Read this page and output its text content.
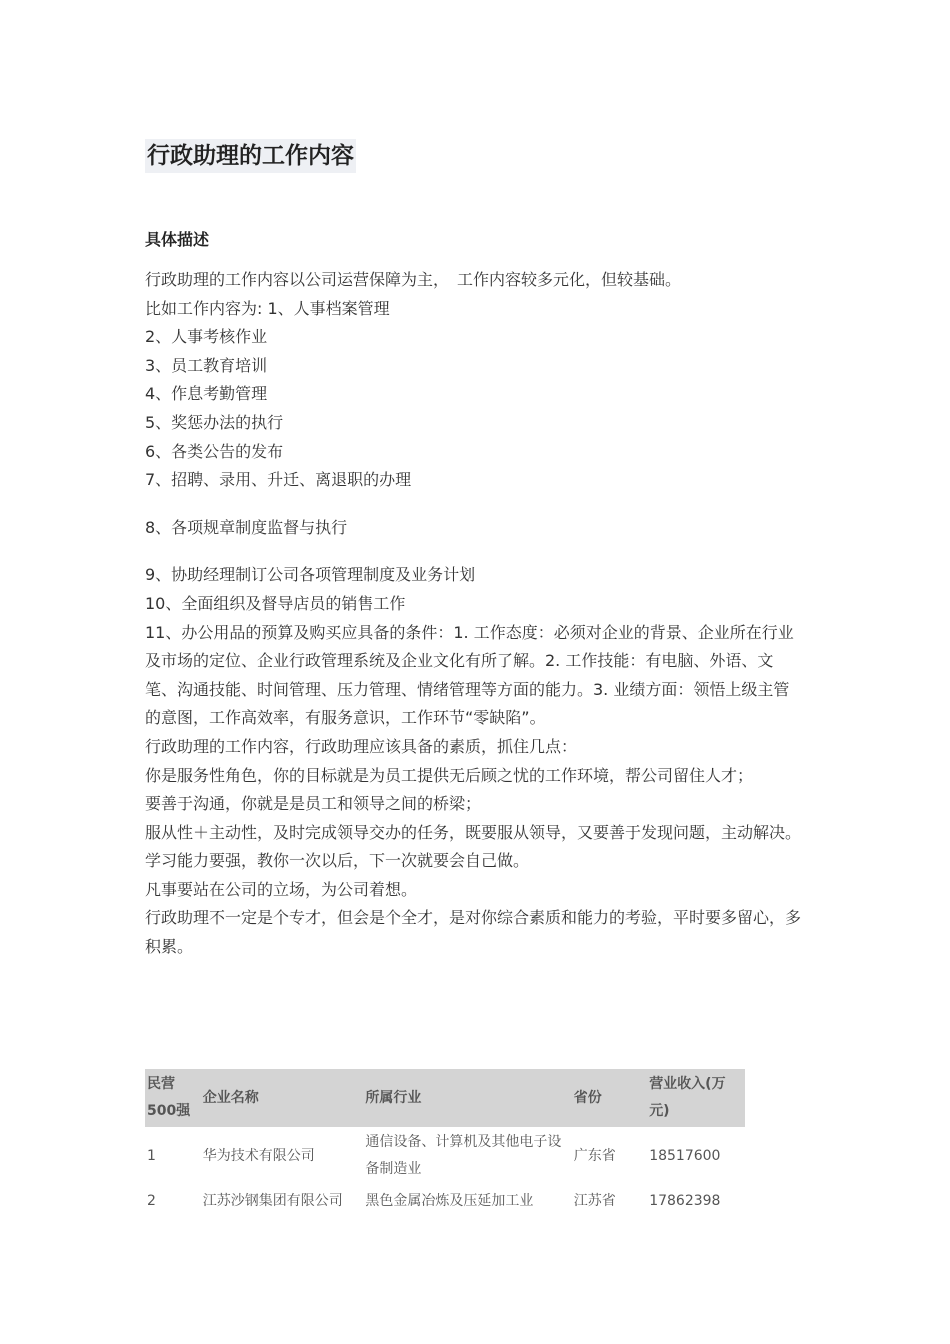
行政助理的工作内容
具体描述

行政助理的工作内容以公司运营保障为主，　工作内容较多元化，但较基础。

比如工作内容为: 1、人事档案管理

2、人事考核作业

3、员工教育培训

4、作息考勤管理

5、奖惩办法的执行

6、各类公告的发布

7、招聘、录用、升迁、离退职的办理

8、各项规章制度监督与执行

9、协助经理制订公司各项管理制度及业务计划

10、全面组织及督导店员的销售工作

11、办公用品的预算及购买应具备的条件：1. 工作态度：必须对企业的背景、企业所在行业及市场的定位、企业行政管理系统及企业文化有所了解。2. 工作技能：有电脑、外语、文笔、沟通技能、时间管理、压力管理、情绪管理等方面的能力。3. 业绩方面：领悟上级主管的意图，工作高效率，有服务意识，工作环节“零缺陷”。

行政助理的工作内容，行政助理应该具备的素质，抓住几点：

你是服务性角色，你的目标就是为员工提供无后顾之忧的工作环境，帮公司留住人才；

要善于沟通，你就是是员工和领导之间的桥梁；

服从性＋主动性，及时完成领导交办的任务，既要服从领导，又要善于发现问题，主动解决。

学习能力要强，教你一次以后，下一次就要会自己做。

凡事要站在公司的立场，为公司着想。

行政助理不一定是个专才，但会是个全才，是对你综合素质和能力的考验，平时要多留心，多积累。

民营500强	企业名称	所属行业	省份	营业收入(万元)
1	华为技术有限公司	通信设备、计算机及其他电子设备制造业	广东省	18517600
2	江苏沙钢集团有限公司	黑色金属冶炼及压延加工业	江苏省	17862398
